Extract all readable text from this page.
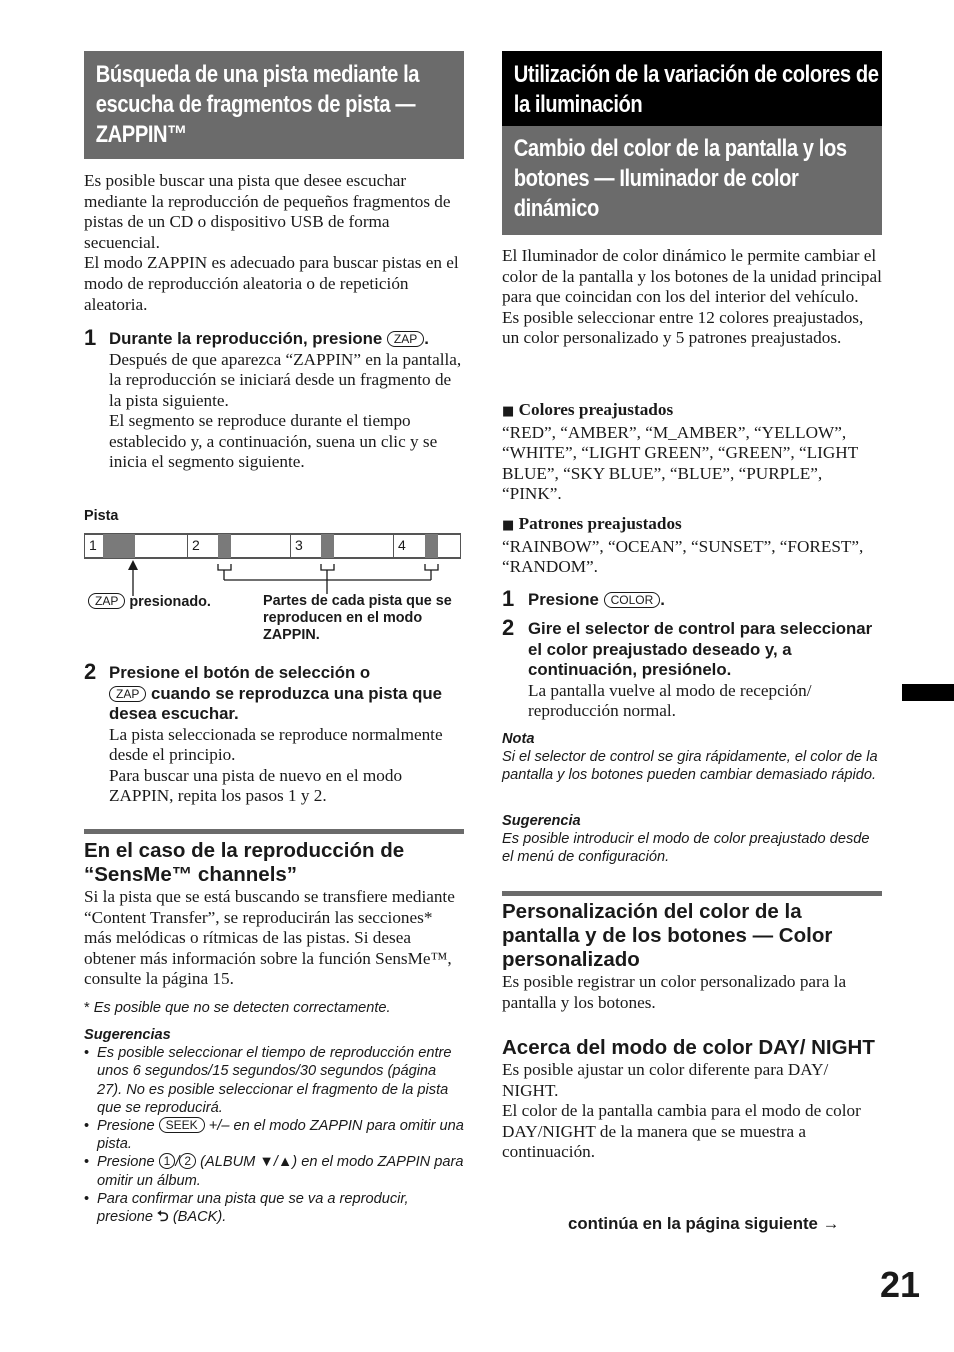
Búsqueda de una pista mediante la escucha de fragmentos de pista — ZAPPIN™

Es posible buscar una pista que desee escuchar mediante la reproducción de pequeños fragmentos de pistas de un CD o dispositivo USB de forma secuencial.

El modo ZAPPIN es adecuado para buscar pistas en el modo de reproducción aleatoria o de repetición aleatoria.

1 Durante la reproducción, presione ZAP .

Después de que aparezca “ZAPPIN” en la pantalla, la reproducción se iniciará desde un fragmento de la pista siguiente.

El segmento se reproduce durante el tiempo establecido y, a continuación, suena un clic y se inicia el segmento siguiente.

Pista
1	2	3	4
ZAP presionado.	Partes de cada pista que se reproducen en el modo ZAPPIN.
2 Presione el botón de selección o
ZAP cuando se reproduzca una pista que desea escuchar.

La pista seleccionada se reproduce normalmente desde el principio.

Para buscar una pista de nuevo en el modo ZAPPIN, repita los pasos 1 y 2.

En el caso de la reproducción de “SensMe™ channels”

Si la pista que se está buscando se transfiere mediante “Content Transfer”, se reproducirán las secciones* más melódicas o rítmicas de las pistas. Si desea obtener más información sobre la función SensMe™, consulte la página 15.

* Es posible que no se detecten correctamente.

Sugerencias

• Es posible seleccionar el tiempo de reproducción entre unos 6 segundos/15 segundos/30 segundos (página 27). No es posible seleccionar el fragmento de la pista que se reproducirá.
• Presione SEEK +/– en el modo ZAPPIN para omitir una pista.
• Presione 1 / 2 (ALBUM ▼/▲) en el modo ZAPPIN para omitir un álbum.
• Para confirmar una pista que se va a reproducir, presione ⮌ (BACK).
Utilización de la variación de colores de la iluminación
Cambio del color de la pantalla y los botones — Iluminador de color dinámico

El Iluminador de color dinámico le permite cambiar el color de la pantalla y los botones de la unidad principal para que coincidan con los del interior del vehículo.

Es posible seleccionar entre 12 colores preajustados, un color personalizado y 5 patrones preajustados.

■ Colores preajustados

“RED”, “AMBER”, “M_AMBER”, “YELLOW”, “WHITE”, “LIGHT GREEN”, “GREEN”, “LIGHT BLUE”, “SKY BLUE”, “BLUE”, “PURPLE”, “PINK”.

■ Patrones preajustados

“RAINBOW”, “OCEAN”, “SUNSET”, “FOREST”, “RANDOM”.

1 Presione COLOR .

2 Gire el selector de control para seleccionar el color preajustado deseado y, a continuación, presiónelo.

La pantalla vuelve al modo de recepción/ reproducción normal.

Nota

Si el selector de control se gira rápidamente, el color de la pantalla y los botones pueden cambiar demasiado rápido.

Sugerencia

Es posible introducir el modo de color preajustado desde el menú de configuración.

Personalización del color de la pantalla y de los botones — Color personalizado

Es posible registrar un color personalizado para la pantalla y los botones.

Acerca del modo de color DAY/ NIGHT

Es posible ajustar un color diferente para DAY/ NIGHT.

El color de la pantalla cambia para el modo de color DAY/NIGHT de la manera que se muestra a continuación.

continúa en la página siguiente →
21
